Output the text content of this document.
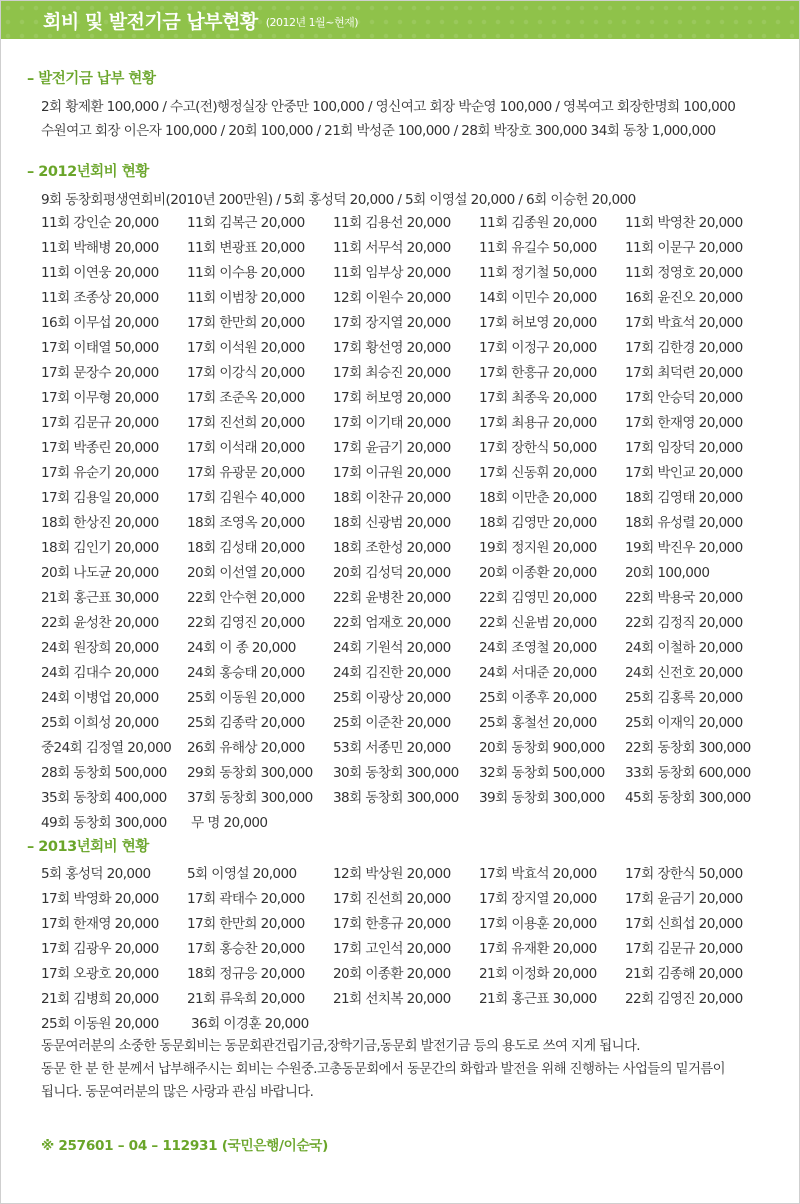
회비 및 발전기금 납부현황 (2012년 1월~현재)
– 발전기금 납부 현황
2회 황제환 100,000 / 수고(전)행정실장 안중만 100,000 / 영신여고 회장 박순영 100,000 / 영복여고 회장한명희 100,000
수원여고 회장 이은자 100,000 / 20회 100,000 / 21회 박성준 100,000 / 28회 박장호 300,000 34회 동창 1,000,000
– 2012년회비 현황
9회 동창회평생연회비(2010년 200만원) / 5회 홍성덕 20,000 / 5회 이영설 20,000 / 6회 이승헌 20,000
11회 강인순 20,000	11회 김복근 20,000	11회 김용선 20,000	11회 김종원 20,000	11회 박영찬 20,000
11회 박해병 20,000	11회 변광표 20,000	11회 서무석 20,000	11회 유길수 50,000	11회 이문구 20,000
11회 이연웅 20,000	11회 이수용 20,000	11회 임부상 20,000	11회 정기철 50,000	11회 정영호 20,000
11회 조종상 20,000	11회 이범창 20,000	12회 이원수 20,000	14회 이민수 20,000	16회 윤진오 20,000
16회 이무섭 20,000	17회 한만희 20,000	17회 장지열 20,000	17회 허보영 20,000	17회 박효석 20,000
17회 이태열 50,000	17회 이석원 20,000	17회 황선영 20,000	17회 이정구 20,000	17회 김한경 20,000
17회 문장수 20,000	17회 이강식 20,000	17회 최승진 20,000	17회 한흥규 20,000	17회 최덕련 20,000
17회 이무형 20,000	17회 조준옥 20,000	17회 허보영 20,000	17회 최종욱 20,000	17회 안승덕 20,000
17회 김문규 20,000	17회 진선희 20,000	17회 이기태 20,000	17회 최용규 20,000	17회 한재영 20,000
17회 박종린 20,000	17회 이석래 20,000	17회 윤금기 20,000	17회 장한식 50,000	17회 임장덕 20,000
17회 유순기 20,000	17회 유광문 20,000	17회 이규원 20,000	17회 신동휘 20,000	17회 박인교 20,000
17회 김용일 20,000	17회 김원수 40,000	18회 이찬규 20,000	18회 이만춘 20,000	18회 김영태 20,000
18회 한상진 20,000	18회 조영옥 20,000	18회 신광범 20,000	18회 김영만 20,000	18회 유성렬 20,000
18회 김인기 20,000	18회 김성태 20,000	18회 조한성 20,000	19회 정지원 20,000	19회 박진우 20,000
20회 나도균 20,000	20회 이선열 20,000	20회 김성덕 20,000	20회 이종환 20,000	20회 100,000
21회 홍근표 30,000	22회 안수현 20,000	22회 윤병찬 20,000	22회 김영민 20,000	22회 박용국 20,000
22회 윤성찬 20,000	22회 김영진 20,000	22회 엄재호 20,000	22회 신윤범 20,000	22회 김정직 20,000
24회 원장희 20,000	24회 이 종 20,000	24회 기원석 20,000	24회 조영철 20,000	24회 이철하 20,000
24회 김대수 20,000	24회 홍승태 20,000	24회 김진한 20,000	24회 서대준 20,000	24회 신전호 20,000
24회 이병업 20,000	25회 이동원 20,000	25회 이광상 20,000	25회 이종후 20,000	25회 김홍록 20,000
25회 이희성 20,000	25회 김종락 20,000	25회 이준찬 20,000	25회 홍철선 20,000	25회 이재익 20,000
중24회 김정열 20,000	26회 유해상 20,000	53회 서종민 20,000	20회 동창회 900,000	22회 동창회 300,000
28회 동창회 500,000	29회 동창회 300,000	30회 동창회 300,000	32회 동창회 500,000	33회 동창회 600,000
35회 동창회 400,000	37회 동창회 300,000	38회 동창회 300,000	39회 동창회 300,000	45회 동창회 300,000
49회 동창회 300,000	무 명 20,000
– 2013년회비 현황
5회 홍성덕 20,000	5회 이영설 20,000	12회 박상원 20,000	17회 박효석 20,000	17회 장한식 50,000
17회 박영화 20,000	17회 곽태수 20,000	17회 진선희 20,000	17회 장지열 20,000	17회 윤금기 20,000
17회 한재영 20,000	17회 한만희 20,000	17회 한흥규 20,000	17회 이용훈 20,000	17회 신희섭 20,000
17회 김광우 20,000	17회 홍승찬 20,000	17회 고인석 20,000	17회 유재환 20,000	17회 김문규 20,000
17회 오광호 20,000	18회 정규응 20,000	20회 이종환 20,000	21회 이정화 20,000	21회 김종해 20,000
21회 김병희 20,000	21회 류욱희 20,000	21회 선치복 20,000	21회 홍근표 30,000	22회 김영진 20,000
25회 이동원 20,000	36회 이경훈 20,000
동문여러분의 소중한 동문회비는 동문회관건립기금,장학기금,동문회 발전기금 등의 용도로 쓰여 지게 됩니다.
동문 한 분 한 분께서 납부해주시는 회비는 수원중.고총동문회에서 동문간의 화합과 발전을 위해 진행하는 사업들의 밑거름이
됩니다. 동문여러분의 많은 사랑과 관심 바랍니다.
※ 257601 – 04 – 112931 (국민은행/이순국)
